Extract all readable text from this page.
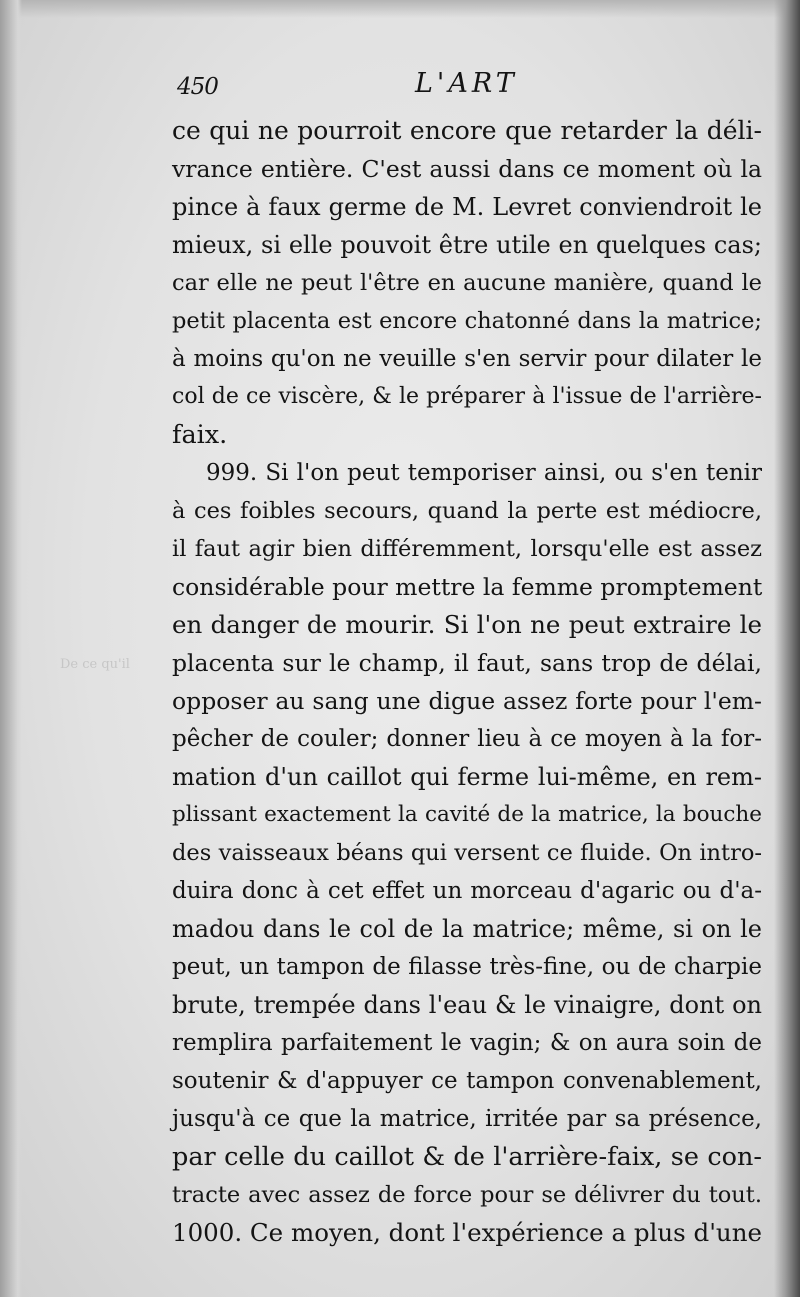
De ce qu'il
450	L'ART
ce qui ne pourroit encore que retarder la déli-
vrance entière. C'est aussi dans ce moment où la
pince à faux germe de M. Levret conviendroit le
mieux, si elle pouvoit être utile en quelques cas;
car elle ne peut l'être en aucune manière, quand le
petit placenta est encore chatonné dans la matrice;
à moins qu'on ne veuille s'en servir pour dilater le
col de ce viscère, & le préparer à l'issue de l'arrière-
faix.
999. Si l'on peut temporiser ainsi, ou s'en tenir
à ces foibles secours, quand la perte est médiocre,
il faut agir bien différemment, lorsqu'elle est assez
considérable pour mettre la femme promptement
en danger de mourir. Si l'on ne peut extraire le
placenta sur le champ, il faut, sans trop de délai,
opposer au sang une digue assez forte pour l'em-
pêcher de couler; donner lieu à ce moyen à la for-
mation d'un caillot qui ferme lui-même, en rem-
plissant exactement la cavité de la matrice, la bouche
des vaisseaux béans qui versent ce fluide. On intro-
duira donc à cet effet un morceau d'agaric ou d'a-
madou dans le col de la matrice; même, si on le
peut, un tampon de filasse très-fine, ou de charpie
brute, trempée dans l'eau & le vinaigre, dont on
remplira parfaitement le vagin; & on aura soin de
soutenir & d'appuyer ce tampon convenablement,
jusqu'à ce que la matrice, irritée par sa présence,
par celle du caillot & de l'arrière-faix, se con-
tracte avec assez de force pour se délivrer du tout.
1000. Ce moyen, dont l'expérience a plus d'une
